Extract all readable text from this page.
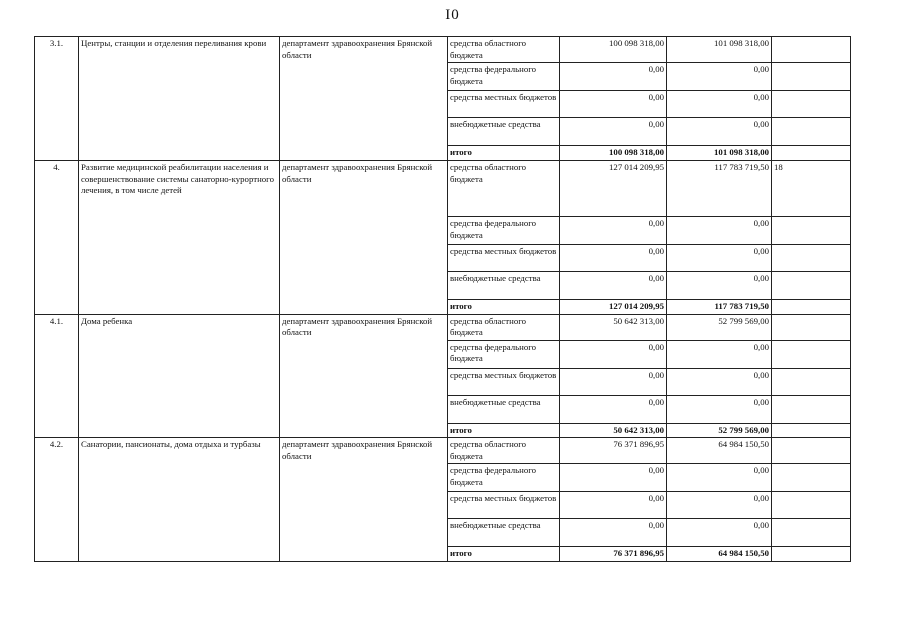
I0
3.1.	Центры, станции и отделения переливания крови	департамент здравоохранения Брянской области	средства областного бюджета	100 098 318,00	101 098 318,00	
			средства федерального бюджета	0,00	0,00	
			средства местных бюджетов	0,00	0,00	
			внебюджетные средства	0,00	0,00	
			итого	100 098 318,00	101 098 318,00	
4.	Развитие медицинской реабилитации населения и совершенствование системы санаторно-курортного лечения, в том числе детей	департамент здравоохранения Брянской области	средства областного бюджета	127 014 209,95	117 783 719,50	18
			средства федерального бюджета	0,00	0,00	
			средства местных бюджетов	0,00	0,00	
			внебюджетные средства	0,00	0,00	
			итого	127 014 209,95	117 783 719,50	
4.1.	Дома ребенка	департамент здравоохранения Брянской области	средства областного бюджета	50 642 313,00	52 799 569,00	
			средства федерального бюджета	0,00	0,00	
			средства местных бюджетов	0,00	0,00	
			внебюджетные средства	0,00	0,00	
			итого	50 642 313,00	52 799 569,00	
4.2.	Санатории, пансионаты, дома отдыха и турбазы	департамент здравоохранения Брянской области	средства областного бюджета	76 371 896,95	64 984 150,50	
			средства федерального бюджета	0,00	0,00	
			средства местных бюджетов	0,00	0,00	
			внебюджетные средства	0,00	0,00	
			итого	76 371 896,95	64 984 150,50	
